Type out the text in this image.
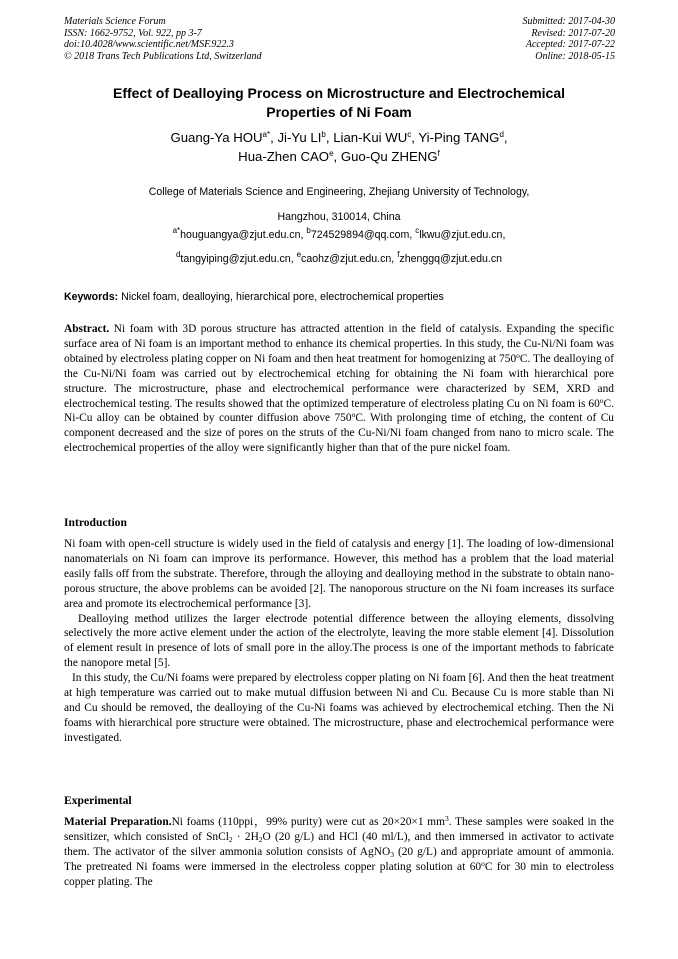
Materials Science Forum
ISSN: 1662-9752, Vol. 922, pp 3-7
doi:10.4028/www.scientific.net/MSF.922.3
© 2018 Trans Tech Publications Ltd, Switzerland
Submitted: 2017-04-30
Revised: 2017-07-20
Accepted: 2017-07-22
Online: 2018-05-15
Effect of Dealloying Process on Microstructure and Electrochemical
Properties of Ni Foam
Guang-Ya $HOU^{a*}$, Ji-Yu $LI^b$, Lian-Kui $WU^c$, Yi-Ping TANG$^d$,
Hua-Zhen CAO$^e$, Guo-Qu ZHENG$^f$
College of Materials Science and Engineering, Zhejiang University of Technology,
Hangzhou, 310014, China
$^{a*}$houguangya@zjut.edu.cn, $^b$724529894@qq.com, $^c$lkwu@zjut.edu.cn,
$^d$tangyiping@zjut.edu.cn, $^e$caohz@zjut.edu.cn, $^f$zhenggq@zjut.edu.cn
Keywords: Nickel foam, dealloying, hierarchical pore, electrochemical properties
Abstract. Ni foam with 3D porous structure has attracted attention in the field of catalysis. Expanding the specific surface area of Ni foam is an important method to enhance its chemical properties. In this study, the Cu-Ni/Ni foam was obtained by electroless plating copper on Ni foam and then heat treatment for homogenizing at 750$^o$C. The dealloying of the Cu-Ni/Ni foam was carried out by electrochemical etching for obtaining the Ni foam with hierarchical pore structure. The microstructure, phase and electrochemical performance were characterized by SEM, XRD and electrochemical testing. The results showed that the optimized temperature of electroless plating Cu on Ni foam is 60$^o$C. Ni-Cu alloy can be obtained by counter diffusion above 750$^o$C. With prolonging time of etching, the content of Cu component decreased and the size of pores on the struts of the Cu-Ni/Ni foam changed from nano to micro scale. The electrochemical properties of the alloy were significantly higher than that of the pure nickel foam.
Introduction

Ni foam with open-cell structure is widely used in the field of catalysis and energy [1]. The loading of low-dimensional nanomaterials on Ni foam can improve its performance. However, this method has a problem that the load material easily falls off from the substrate. Therefore, through the alloying and dealloying method in the substrate to obtain nano-porous structure, the above problems can be avoided [2]. The nanoporous structure on the Ni foam increases its surface area and promote its electrochemical performance [3].

Dealloying method utilizes the larger electrode potential difference between the alloying elements, dissolving selectively the more active element under the action of the electrolyte, leaving the more stable element [4]. Dissolution of element result in presence of lots of small pore in the alloy.The process is one of the important methods to fabricate the nanopore metal [5].

In this study, the Cu/Ni foams were prepared by electroless copper plating on Ni foam [6]. And then the heat treatment at high temperature was carried out to make mutual diffusion between Ni and Cu. Because Cu is more stable than Ni and Cu should be removed, the dealloying of the Cu-Ni foams was achieved by electrochemical etching. Then the Ni foams with hierarchical pore structure were obtained. The microstructure, phase and electrochemical performance were investigated.

Experimental

Material Preparation.Ni foams (110ppi，99% purity) were cut as 20×20×1 $mm^3$. These samples were soaked in the sensitizer, which consisted of SnCl$_2$ · $2H_2O$ (20 g/L) and HCl (40 ml/L), and then immersed in activator to activate them. The activator of the silver ammonia solution consists of AgNO$_3$ (20 g/L) and appropriate amount of ammonia. The pretreated Ni foams were immersed in the electroless copper plating solution at 60$^o$C for 30 min to electroless copper plating. The
